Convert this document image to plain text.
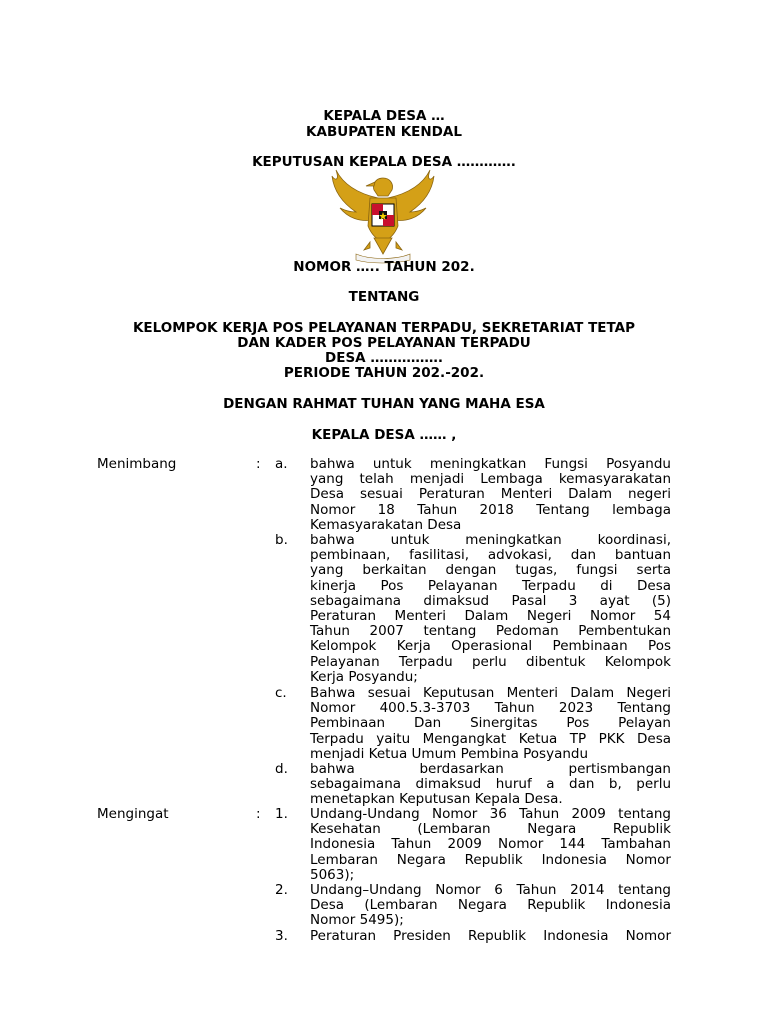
KEPALA DESA …
KABUPATEN KENDAL
KEPUTUSAN KEPALA DESA ………….
NOMOR ….. TAHUN 202.
TENTANG
KELOMPOK KERJA POS PELAYANAN TERPADU, SEKRETARIAT TETAP
DAN KADER POS PELAYANAN TERPADU
DESA …………….
PERIODE TAHUN 202.-202.
DENGAN RAHMAT TUHAN YANG MAHA ESA
KEPALA DESA …… ,
Menimbang	: a. bahwa untuk meningkatkan Fungsi Posyandu
yang telah menjadi Lembaga kemasyarakatan
Desa sesuai Peraturan Menteri Dalam negeri
Nomor 18 Tahun 2018 Tentang lembaga
Kemasyarakatan Desa
b. bahwa untuk meningkatkan koordinasi,
pembinaan, fasilitasi, advokasi, dan bantuan
yang berkaitan dengan tugas, fungsi serta
kinerja Pos Pelayanan Terpadu di Desa
sebagaimana dimaksud Pasal 3 ayat (5)
Peraturan Menteri Dalam Negeri Nomor 54
Tahun 2007 tentang Pedoman Pembentukan
Kelompok Kerja Operasional Pembinaan Pos
Pelayanan Terpadu perlu dibentuk Kelompok
Kerja Posyandu;
c. Bahwa sesuai Keputusan Menteri Dalam Negeri
Nomor 400.5.3-3703 Tahun 2023 Tentang
Pembinaan Dan Sinergitas Pos Pelayan
Terpadu yaitu Mengangkat Ketua TP PKK Desa
menjadi Ketua Umum Pembina Posyandu
d. bahwa berdasarkan pertismbangan
sebagaimana dimaksud huruf a dan b, perlu
menetapkan Keputusan Kepala Desa.
Mengingat	: 1. Undang-Undang Nomor 36 Tahun 2009 tentang
Kesehatan (Lembaran Negara Republik
Indonesia Tahun 2009 Nomor 144 Tambahan
Lembaran Negara Republik Indonesia Nomor
5063);
2. Undang–Undang Nomor 6 Tahun 2014 tentang
Desa (Lembaran Negara Republik Indonesia
Nomor 5495);
3. Peraturan Presiden Republik Indonesia Nomor
